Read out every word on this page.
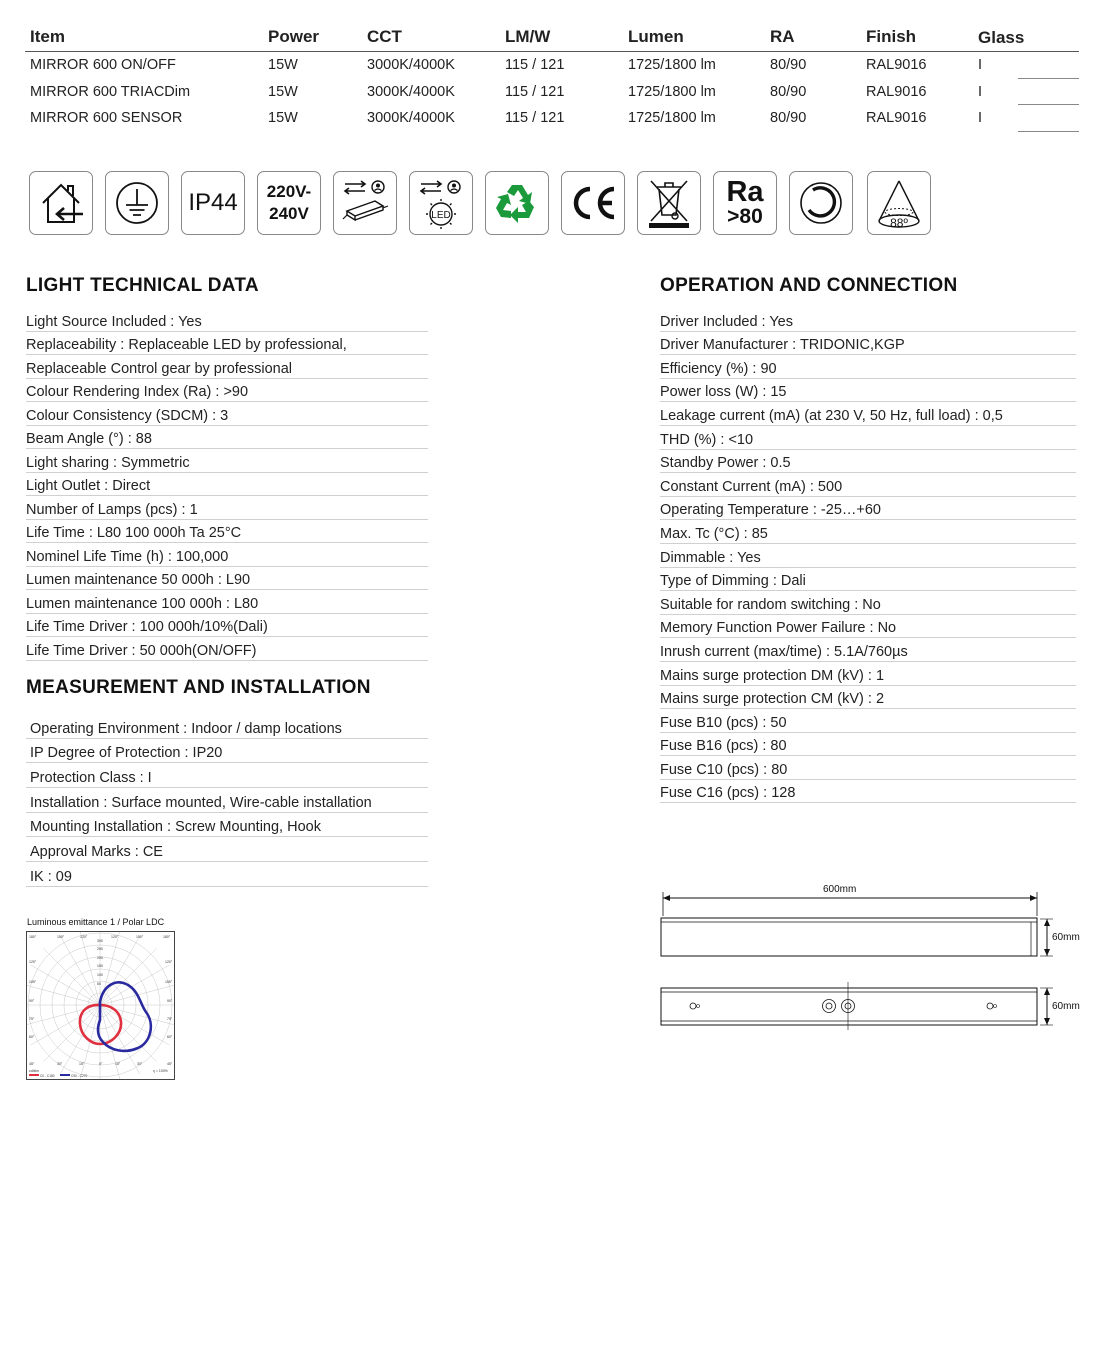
Item	Power	CCT	LM/W	Lumen	RA	Finish	Glass
MIRROR 600 ON/OFF	15W	3000K/4000K	115 / 121	1725/1800 lm	80/90	RAL9016	I

MIRROR 600 TRIACDim	15W	3000K/4000K	115 / 121	1725/1800 lm	80/90	RAL9016	I

MIRROR 600 SENSOR	15W	3000K/4000K	115 / 121	1725/1800 lm	80/90	RAL9016	I
IP44 220V-
240V	LED
Ra
>80	88º
LIGHT TECHNICAL DATA
Light Source Included : Yes
Replaceability : Replaceable LED by professional,
Replaceable Control gear by professional
Colour Rendering Index (Ra) : >90
Colour Consistency (SDCM) : 3
Beam Angle (°) : 88
Light sharing : Symmetric
Light Outlet : Direct
Number of Lamps (pcs) : 1
Life Time : L80 100 000h Ta 25°C
Nominel Life Time (h) : 100,000
Lumen maintenance 50 000h : L90
Lumen maintenance 100 000h : L80
Life Time Driver : 100 000h/10%(Dali)
Life Time Driver : 50 000h(ON/OFF)
MEASUREMENT AND INSTALLATION
Operating Environment : Indoor / damp locations
IP Degree of Protection : IP20
Protection Class : I
Installation : Surface mounted, Wire-cable installation
Mounting Installation : Screw Mounting, Hook
Approval Marks : CE
IK : 09
OPERATION AND CONNECTION
Driver Included : Yes
Driver Manufacturer : TRIDONIC,KGP
Efficiency (%) : 90
Power loss (W) : 15
Leakage current (mA) (at 230 V, 50 Hz, full load) : 0,5
THD (%) : <10
Standby Power : 0.5
Constant Current (mA) : 500
Operating Temperature : -25…+60
Max. Tc (°C) : 85
Dimmable : Yes
Type of Dimming : Dali
Suitable for random switching : No
Memory Function Power Failure : No
Inrush current (max/time) : 5.1A/760µs
Mains surge protection DM (kV) : 1
Mains surge protection CM (kV) : 2
Fuse B10 (pcs) : 50
Fuse B16 (pcs) : 80
Fuse C10 (pcs) : 80
Fuse C16 (pcs) : 128
Luminous emittance 1 / Polar LDC
180°	150°	120°	120°	150°	180°
120°	120°
105°	105°
90°	90°
75°	75°
60°	60°
45°	30°	15°	0°	15°	30°	45°
300
250
200
150
100
50
cd/klm	η = 100%
C0 - C180	C90 - C270
600mm
60mm
60mm
